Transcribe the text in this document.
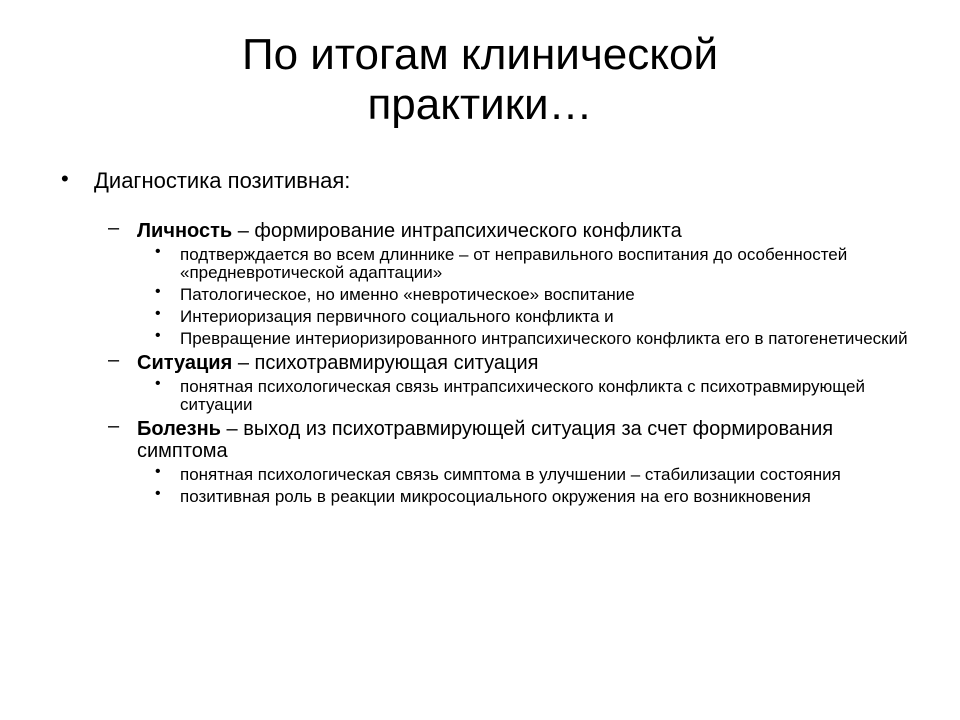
По итогам клинической
практики…
• Диагностика позитивная:
– Личность – формирование интрапсихического конфликта
• подтверждается во всем длиннике – от неправильного воспитания до особенностей «предневротической адаптации»
• Патологическое, но именно «невротическое» воспитание
• Интериоризация первичного социального конфликта и
• Превращение интериоризированного интрапсихического конфликта его в патогенетический
– Ситуация – психотравмирующая ситуация
• понятная психологическая связь интрапсихического конфликта с психотравмирующей ситуации
– Болезнь – выход из психотравмирующей ситуация за счет формирования симптома
• понятная психологическая связь симптома в улучшении – стабилизации состояния
• позитивная роль в реакции микросоциального окружения на его возникновения
